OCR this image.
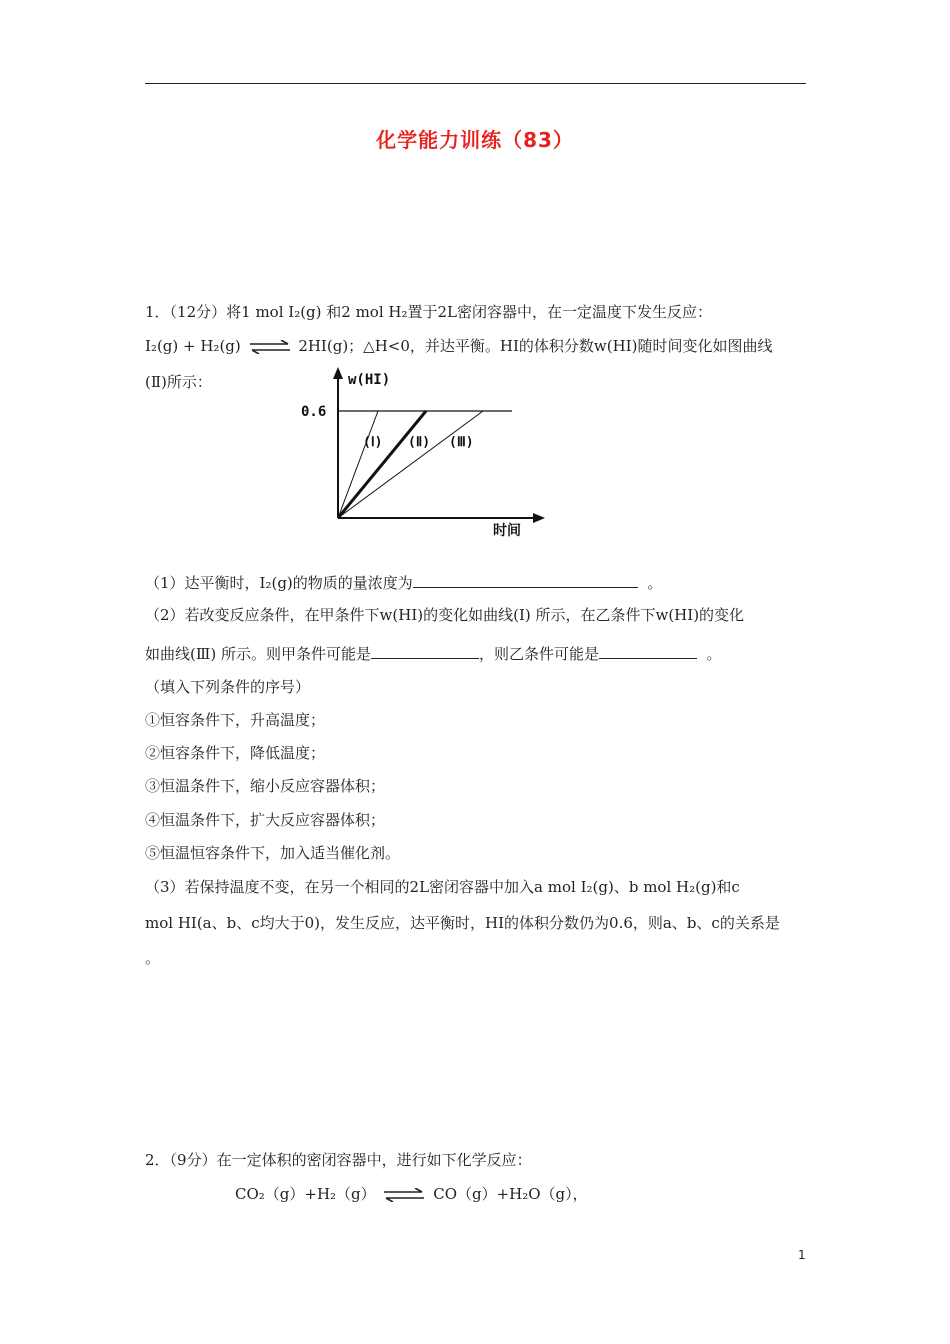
化学能力训练（83）
1．（12分）将1 mol I₂(g) 和2 mol H₂置于2L密闭容器中，在一定温度下发生反应：
I₂(g) + H₂(g) ⇌ 2HI(g)；△H<0，并达平衡。HI的体积分数w(HI)随时间变化如图曲线
(Ⅱ)所示：	w(HI)
0.6
(Ⅰ) (Ⅱ) (Ⅲ)
时间
（1）达平衡时，I₂(g)的物质的量浓度为	。
（2）若改变反应条件，在甲条件下w(HI)的变化如曲线(Ⅰ) 所示，在乙条件下w(HI)的变化
如曲线(Ⅲ) 所示。则甲条件可能是	，则乙条件可能是	。
（填入下列条件的序号）
①恒容条件下，升高温度；
②恒容条件下，降低温度；
③恒温条件下，缩小反应容器体积；
④恒温条件下，扩大反应容器体积；
⑤恒温恒容条件下，加入适当催化剂。
（3）若保持温度不变，在另一个相同的2L密闭容器中加入a mol I₂(g)、b mol H₂(g)和c
mol HI(a、b、c均大于0)，发生反应，达平衡时，HI的体积分数仍为0.6，则a、b、c的关系是
。
2．（9分）在一定体积的密闭容器中，进行如下化学反应：
CO₂（g）+H₂（g） ⇌ CO（g）+H₂O（g），
1
